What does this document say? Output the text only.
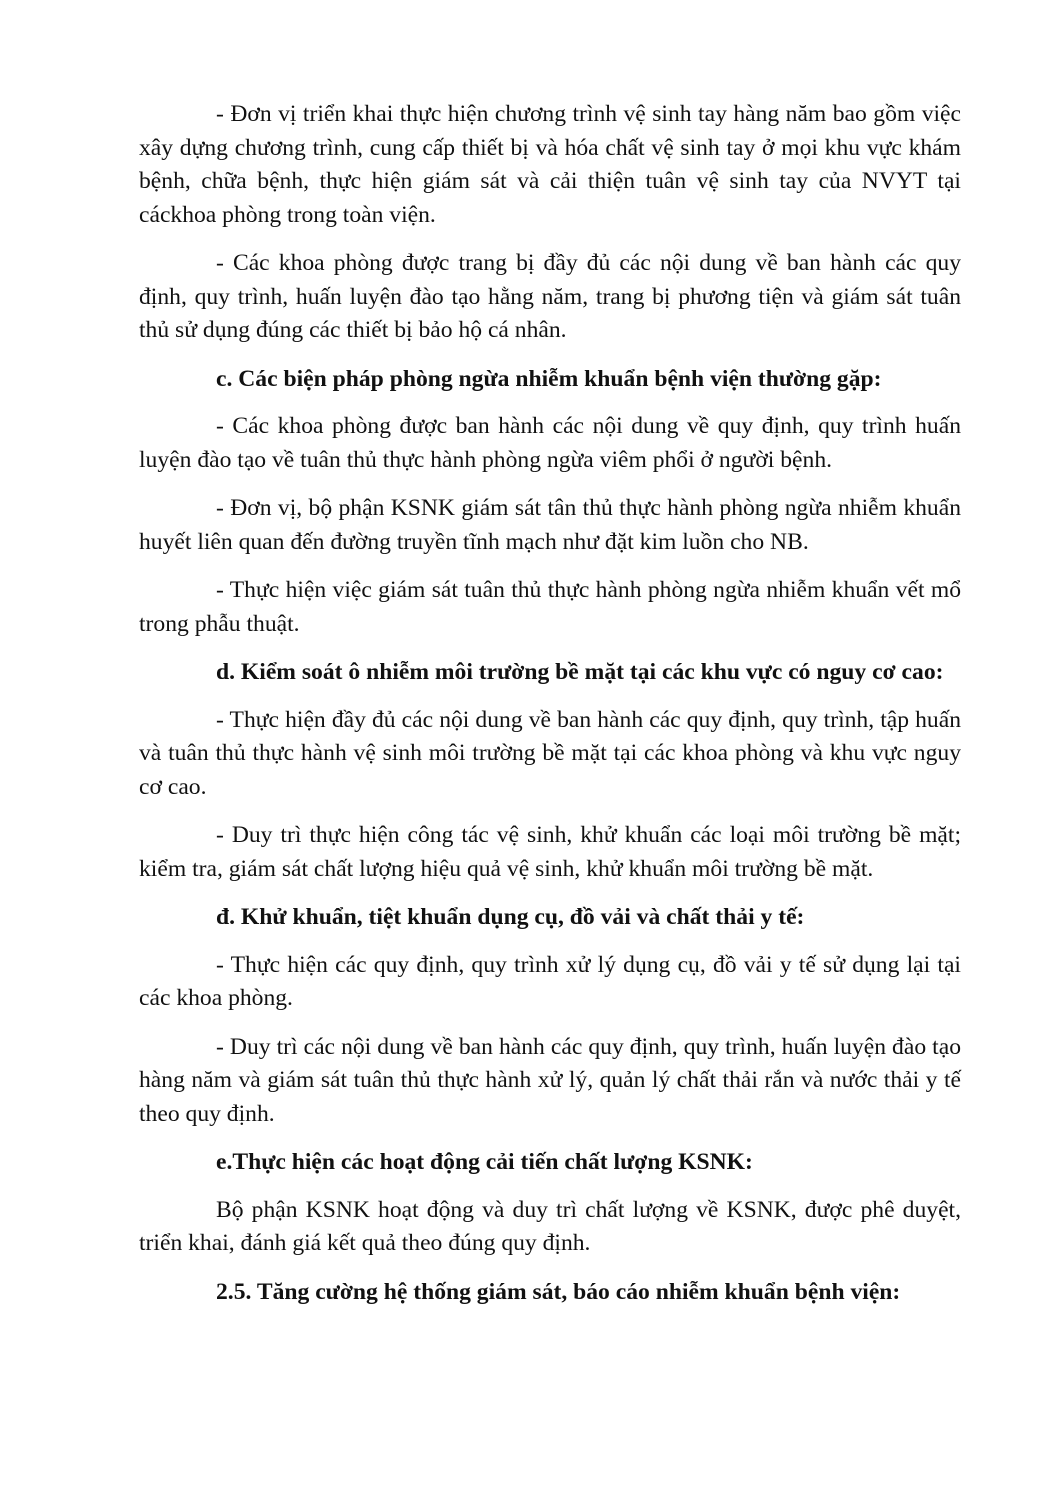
- Đơn vị triển khai thực hiện chương trình vệ sinh tay hàng năm bao gồm việc xây dựng chương trình, cung cấp thiết bị và hóa chất vệ sinh tay ở mọi khu vực khám bệnh, chữa bệnh, thực hiện giám sát và cải thiện tuân vệ sinh tay của NVYT tại cáckhoa phòng trong toàn viện.

- Các khoa phòng được trang bị đầy đủ các nội dung về ban hành các quy định, quy trình, huấn luyện đào tạo hằng năm, trang bị phương tiện và giám sát tuân thủ sử dụng đúng các thiết bị bảo hộ cá nhân.

c. Các biện pháp phòng ngừa nhiễm khuẩn bệnh viện thường gặp:

- Các khoa phòng được ban hành các nội dung về quy định, quy trình huấn luyện đào tạo về tuân thủ thực hành phòng ngừa viêm phổi ở người bệnh.

- Đơn vị, bộ phận KSNK giám sát tân thủ thực hành phòng ngừa nhiễm khuẩn huyết liên quan đến đường truyền tĩnh mạch như đặt kim luồn cho NB.

- Thực hiện việc giám sát tuân thủ thực hành phòng ngừa nhiễm khuẩn vết mổ trong phẫu thuật.

d. Kiểm soát ô nhiễm môi trường bề mặt tại các khu vực có nguy cơ cao:

- Thực hiện đầy đủ các nội dung về ban hành các quy định, quy trình, tập huấn và tuân thủ thực hành vệ sinh môi trường bề mặt tại các khoa phòng và khu vực nguy cơ cao.

- Duy trì thực hiện công tác vệ sinh, khử khuẩn các loại môi trường bề mặt; kiểm tra, giám sát chất lượng hiệu quả vệ sinh, khử khuẩn môi trường bề mặt.

đ. Khử khuẩn, tiệt khuẩn dụng cụ, đồ vải và chất thải y tế:

- Thực hiện các quy định, quy trình xử lý dụng cụ, đồ vải y tế sử dụng lại tại các khoa phòng.

- Duy trì các nội dung về ban hành các quy định, quy trình, huấn luyện đào tạo hàng năm và giám sát tuân thủ thực hành xử lý, quản lý chất thải rắn và nước thải y tế theo quy định.

e.Thực hiện các hoạt động cải tiến chất lượng KSNK:

Bộ phận KSNK hoạt động và duy trì chất lượng về KSNK, được phê duyệt, triển khai, đánh giá kết quả theo đúng quy định.

2.5. Tăng cường hệ thống giám sát, báo cáo nhiễm khuẩn bệnh viện:
